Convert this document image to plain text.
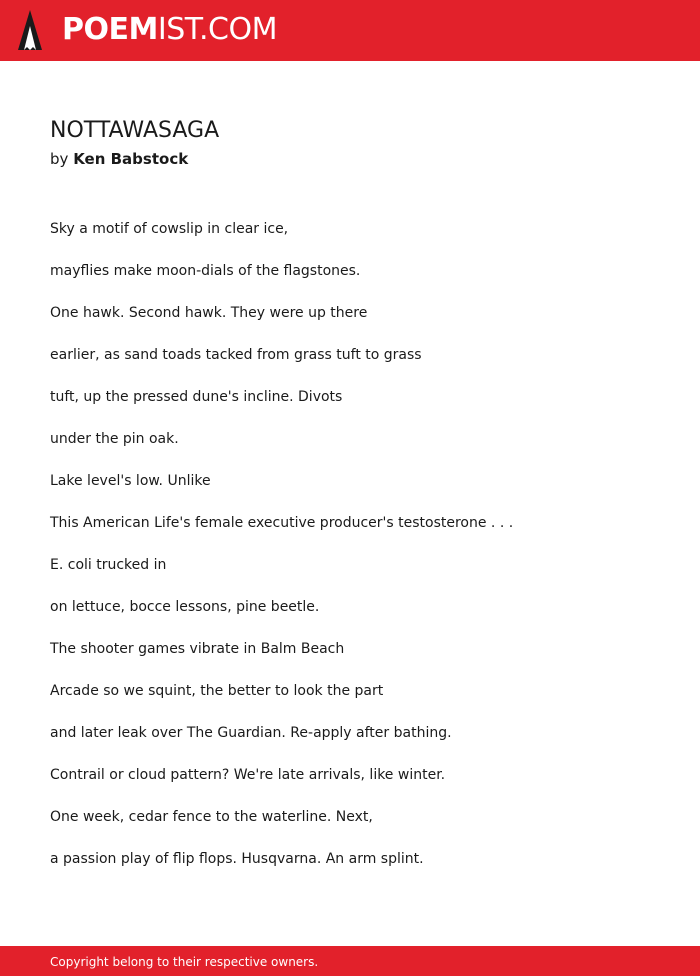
POEMIST.COM
NOTTAWASAGA
by Ken Babstock
Sky a motif of cowslip in clear ice,
mayflies make moon-dials of the flagstones.
One hawk. Second hawk. They were up there
earlier, as sand toads tacked from grass tuft to grass
tuft, up the pressed dune's incline. Divots
under the pin oak.
Lake level's low. Unlike
This American Life's female executive producer's testosterone . . .
E. coli trucked in
on lettuce, bocce lessons, pine beetle.
The shooter games vibrate in Balm Beach
Arcade so we squint, the better to look the part
and later leak over The Guardian. Re-apply after bathing.
Contrail or cloud pattern? We're late arrivals, like winter.
One week, cedar fence to the waterline. Next,
a passion play of flip flops. Husqvarna. An arm splint.
Copyright belong to their respective owners.
